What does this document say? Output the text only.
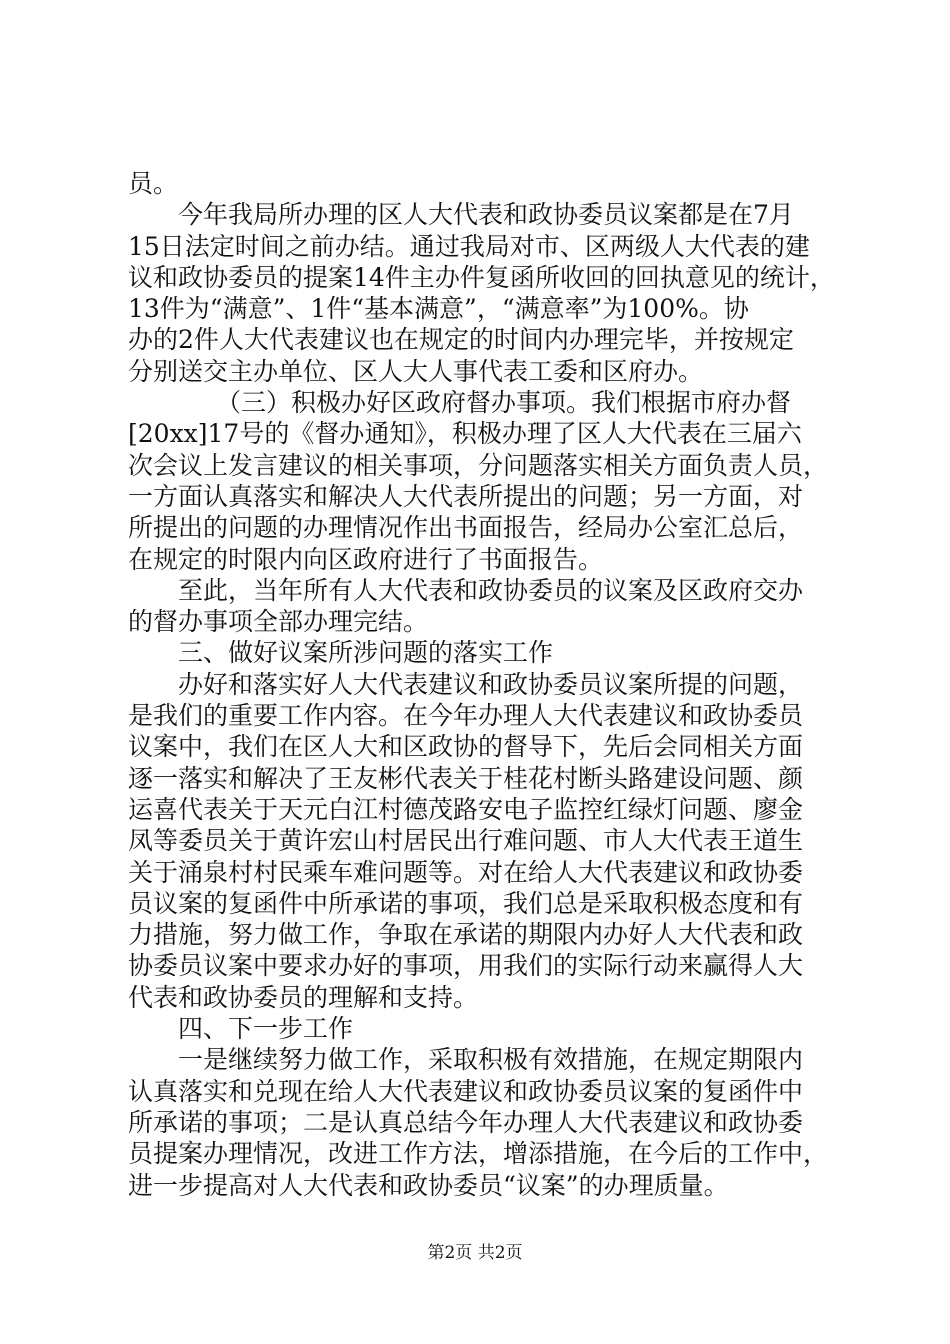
员。
今年我局所办理的区人大代表和政协委员议案都是在7月
15日法定时间之前办结。通过我局对市、区两级人大代表的建
议和政协委员的提案14件主办件复函所收回的回执意见的统计，
13件为“满意”、1件“基本满意”，“满意率”为100%。协
办的2件人大代表建议也在规定的时间内办理完毕，并按规定
分别送交主办单位、区人大人事代表工委和区府办。
（三）积极办好区政府督办事项。我们根据市府办督
[20xx]17号的《督办通知》，积极办理了区人大代表在三届六
次会议上发言建议的相关事项，分问题落实相关方面负责人员，
一方面认真落实和解决人大代表所提出的问题；另一方面，对
所提出的问题的办理情况作出书面报告，经局办公室汇总后，
在规定的时限内向区政府进行了书面报告。
至此，当年所有人大代表和政协委员的议案及区政府交办
的督办事项全部办理完结。
三、做好议案所涉问题的落实工作
办好和落实好人大代表建议和政协委员议案所提的问题，
是我们的重要工作内容。在今年办理人大代表建议和政协委员
议案中，我们在区人大和区政协的督导下，先后会同相关方面
逐一落实和解决了王友彬代表关于桂花村断头路建设问题、颜
运喜代表关于天元白江村德茂路安电子监控红绿灯问题、廖金
凤等委员关于黄许宏山村居民出行难问题、市人大代表王道生
关于涌泉村村民乘车难问题等。对在给人大代表建议和政协委
员议案的复函件中所承诺的事项，我们总是采取积极态度和有
力措施，努力做工作，争取在承诺的期限内办好人大代表和政
协委员议案中要求办好的事项，用我们的实际行动来赢得人大
代表和政协委员的理解和支持。
四、下一步工作
一是继续努力做工作，采取积极有效措施，在规定期限内
认真落实和兑现在给人大代表建议和政协委员议案的复函件中
所承诺的事项；二是认真总结今年办理人大代表建议和政协委
员提案办理情况，改进工作方法，增添措施，在今后的工作中，
进一步提高对人大代表和政协委员“议案”的办理质量。
第2页 共2页
